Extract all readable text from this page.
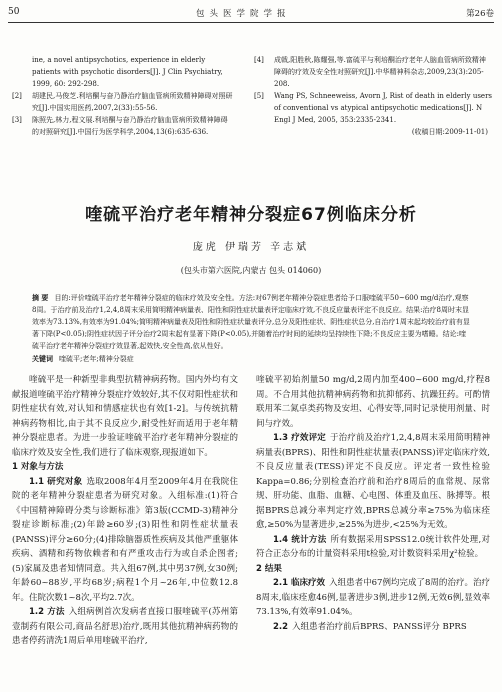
50	包头医学院学报	第26卷
ine, a novel antipsychotics, experience in elderly patients with psychotic disorders[J]. J Clin Psychiatry, 1999, 60: 292-298.
[2]	胡建民,马俊芝.利培酮与奋乃静治疗脑血管病所致精神障碍对照研究[J].中国实用医药,2007,2(33):55-56.
[3]	陈照先,林力,程文展.利培酮与奋乃静治疗脑血管病所致精神障碍的对照研究[J].中国行为医学科学,2004,13(6):635-636.
[4]	成戟,阳胜秋,陈耀强,等.富硫平与利培酮治疗老年人脑血管病所致精神障碍的疗效及安全性对照研究[J].中华精神科杂志,2009,23(3):205-208.
[5]	Wang PS, Schneeweiss, Avorn J, Rist of death in elderly users of conventional vs atypical antipsychotic medications[J]. N Engl J Med, 2005, 353:2335-2341.
(收稿日期:2009-11-01)
喹硫平治疗老年精神分裂症67例临床分析
庞虎 伊瑞芳 辛志斌
(包头市第六医院,内蒙古 包头 014060)
摘 要 目的:评价喹硫平治疗老年精神分裂症的临床疗效及安全性。方法:对67例老年精神分裂症患者给予口服喹硫平50~600 mg/d治疗,观察8周。于治疗前及治疗1,2,4,8周末采用简明精神病量表、阳性和阴性症状量表评定临床疗效,不良反应量表评定不良反应。结果:治疗8周时末显效率为73.13%,有效率为91.04%;简明精神病量表及阳性和阴性症状量表评分,总分及阳性症状、阴性症状总分,自治疗1周末起均较治疗前有显著下降(P<0.05);阴性症状因子评分治疗2周末起有显著下降(P<0.05),并随着治疗时间的延续均呈持续性下降;不良反应主要为嗜睡。结论:喹硫平治疗老年精神分裂症疗效显著,起效快,安全性高,依从性好。

喹硫平是一种新型非典型抗精神病药物。国内外均有文献报道喹硫平治疗精神分裂症疗效较好,其不仅对阳性症状和阴性症状有效,对认知和情感症状也有效[1-2]。与传统抗精神病药物相比,由于其不良反应少,耐受性好而适用于老年精神分裂症患者。为进一步验证喹硫平治疗老年精神分裂症的临床疗效及安全性,我们进行了临床观察,现报道如下。

1 对象与方法

1.1 研究对象 选取2008年4月至2009年4月在我院住院的老年精神分裂症患者为研究对象。入组标准:(1)符合《中国精神障碍分类与诊断标准》第3版(CCMD-3)精神分裂症诊断标准;(2)年龄≥60岁;(3)阳性和阴性症状量表(PANSS)评分≥60分;(4)排除脑器质性疾病及其他严重躯体疾病、酒精和药物依赖者和有严重攻击行为或自杀企图者;(5)家属及患者知情同意。共入组67例,其中男37例,女30例;年龄60~88岁,平均68岁;病程1个月~26年,中位数12.8年。住院次数1~8次,平均2.7次。

1.2 方法 入组病例首次发病者直接口服喹硫平(苏州第壹制药有限公司,商品名舒思)治疗,既用其他抗精神病药物的患者停药清洗1周后单用喹硫平治疗,

喹硫平初始剂量50 mg/d,2周内加至400~600 mg/d,疗程8周。不合用其他抗精神病药物和抗抑郁药、抗躁狂药。可酌情联用苯二氮卓类药物及安坦、心得安等,同时记录使用剂量、时间与疗效。

1.3 疗效评定 于治疗前及治疗1,2,4,8周末采用简明精神病量表(BPRS)、阳性和阴性症状量表(PANSS)评定临床疗效,不良反应量表(TESS)评定不良反应。评定者一致性检验Kappa=0.86;分别检查治疗前和治疗8周后的血常规、尿常规、肝功能、血脂、血糖、心电图、体重及血压、脉搏等。根据BPRS总减分率判定疗效,BPRS总减分率≥75%为临床痊愈,≥50%为显著进步,≥25%为进步,<25%为无效。

1.4 统计方法 所有数据采用SPSS12.0统计软件处理,对符合正态分布的计量资料采用t检验,对计数资料采用χ²检验。

2 结果

2.1 临床疗效 入组患者中67例均完成了8周的治疗。治疗8周末,临床痊愈46例,显著进步3例,进步12例,无效6例,显效率73.13%,有效率91.04%。

2.2 入组患者治疗前后BPRS、PANSS评分 BPRS

关键词 喹硫平;老年;精神分裂症
